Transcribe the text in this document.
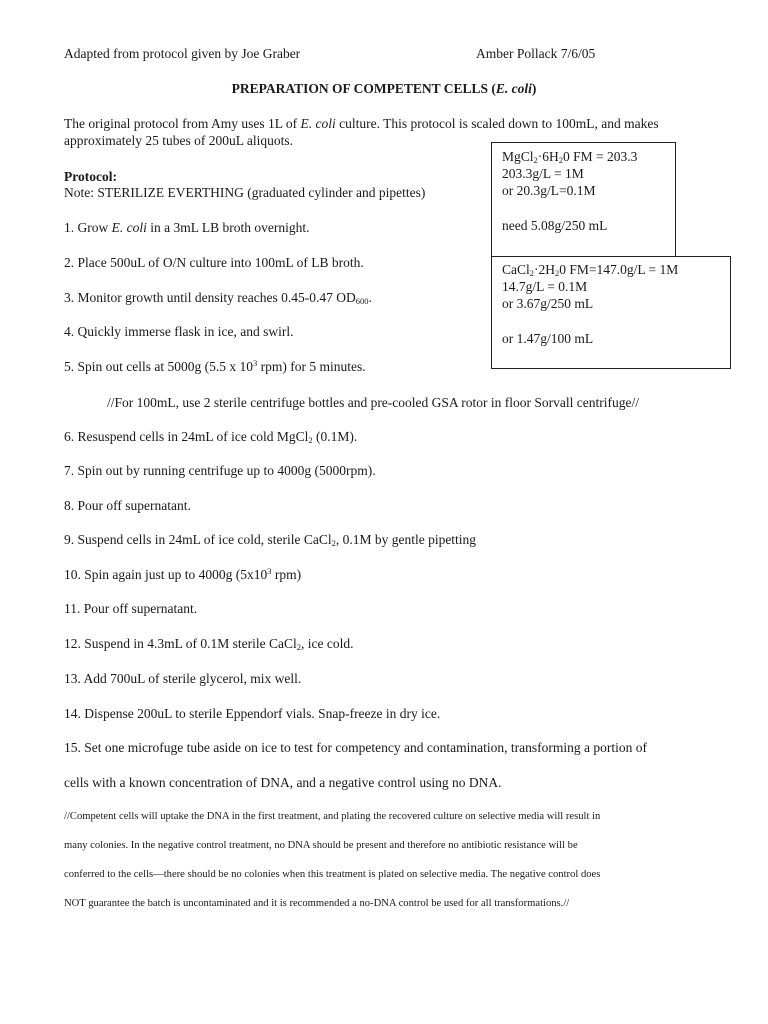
Adapted from protocol given by Joe Graber	Amber Pollack 7/6/05
PREPARATION OF COMPETENT CELLS (E. coli)
The original protocol from Amy uses 1L of E. coli culture. This protocol is scaled down to 100mL, and makes approximately 25 tubes of 200uL aliquots.
Protocol:
Note: STERILIZE EVERTHING (graduated cylinder and pipettes)
$MgCl_2\cdot 6H_20$ FM = 203.3
203.3g/L = 1M
or 20.3g/L=0.1M
need 5.08g/250 mL
$CaCl_2\cdot 2H_20$ FM=147.0g/L = 1M
14.7g/L = 0.1M
or 3.67g/250 mL
or 1.47g/100 mL
1. Grow E. coli in a 3mL LB broth overnight.
2. Place 500uL of O/N culture into 100mL of LB broth.
3. Monitor growth until density reaches 0.45-0.47 $OD_{600}$.
4. Quickly immerse flask in ice, and swirl.
5. Spin out cells at 5000g (5.5 x $10^3$ rpm) for 5 minutes.
//For 100mL, use 2 sterile centrifuge bottles and pre-cooled GSA rotor in floor Sorvall centrifuge//
6. Resuspend cells in 24mL of ice cold MgCl$_2$ (0.1M).
7. Spin out by running centrifuge up to 4000g (5000rpm).
8. Pour off supernatant.
9. Suspend cells in 24mL of ice cold, sterile CaCl$_2$, 0.1M by gentle pipetting
10. Spin again just up to 4000g ($5x10^3$ rpm)
11. Pour off supernatant.
12. Suspend in 4.3mL of 0.1M sterile CaCl$_2$, ice cold.
13. Add 700uL of sterile glycerol, mix well.
14. Dispense 200uL to sterile Eppendorf vials. Snap-freeze in dry ice.
15. Set one microfuge tube aside on ice to test for competency and contamination, transforming a portion of
cells with a known concentration of DNA, and a negative control using no DNA.
//Competent cells will uptake the DNA in the first treatment, and plating the recovered culture on selective media will result in
many colonies. In the negative control treatment, no DNA should be present and therefore no antibiotic resistance will be
conferred to the cells—there should be no colonies when this treatment is plated on selective media. The negative control does
NOT guarantee the batch is uncontaminated and it is recommended a no-DNA control be used for all transformations.//
